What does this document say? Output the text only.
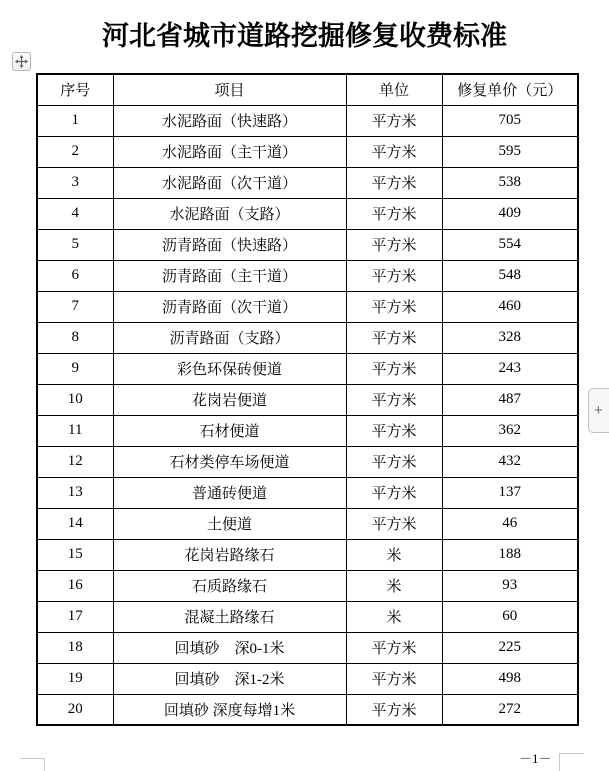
河北省城市道路挖掘修复收费标准
序号	项目	单位	修复单价（元）
1	水泥路面（快速路）	平方米	705
2	水泥路面（主干道）	平方米	595
3	水泥路面（次干道）	平方米	538
4	水泥路面（支路）	平方米	409
5	沥青路面（快速路）	平方米	554
6	沥青路面（主干道）	平方米	548
7	沥青路面（次干道）	平方米	460
8	沥青路面（支路）	平方米	328
9	彩色环保砖便道	平方米	243
10	花岗岩便道	平方米	487
11	石材便道	平方米	362
12	石材类停车场便道	平方米	432
13	普通砖便道	平方米	137
14	土便道	平方米	46
15	花岗岩路缘石	米	188
16	石质路缘石	米	93
17	混凝土路缘石	米	60
18	回填砂　深0-1米	平方米	225
19	回填砂　深1-2米	平方米	498
20	回填砂 深度每增1米	平方米	272
+
－1－
